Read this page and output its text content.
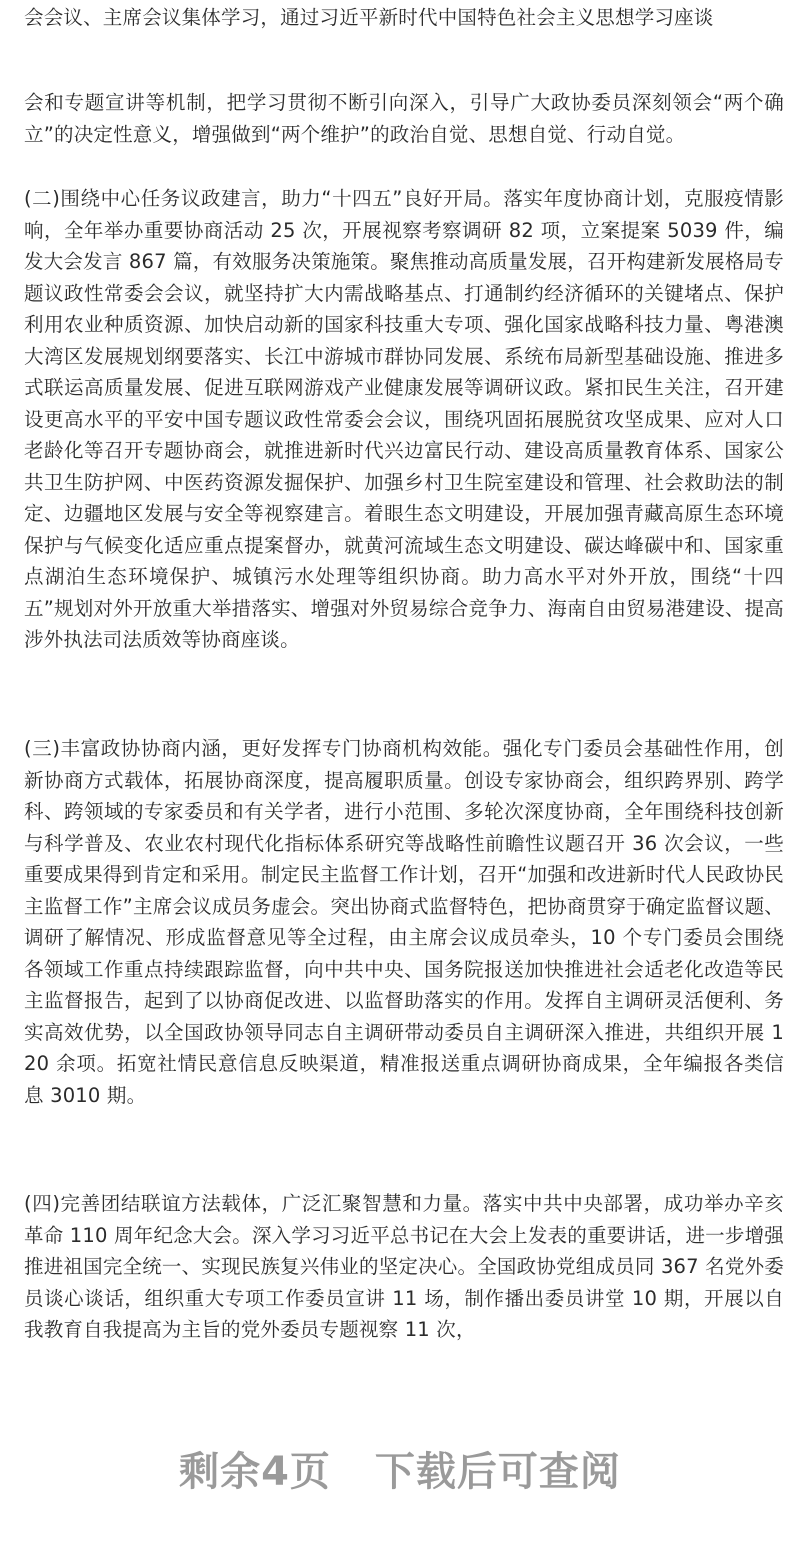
会会议、主席会议集体学习，通过习近平新时代中国特色社会主义思想学习座谈

会和专题宣讲等机制，把学习贯彻不断引向深入，引导广大政协委员深刻领会“两个确立”的决定性意义，增强做到“两个维护”的政治自觉、思想自觉、行动自觉。

(二)围绕中心任务议政建言，助力“十四五”良好开局。落实年度协商计划，克服疫情影响，全年举办重要协商活动 25 次，开展视察考察调研 82 项，立案提案 5039 件，编发大会发言 867 篇，有效服务决策施策。聚焦推动高质量发展，召开构建新发展格局专题议政性常委会会议，就坚持扩大内需战略基点、打通制约经济循环的关键堵点、保护利用农业种质资源、加快启动新的国家科技重大专项、强化国家战略科技力量、粤港澳大湾区发展规划纲要落实、长江中游城市群协同发展、系统布局新型基础设施、推进多式联运高质量发展、促进互联网游戏产业健康发展等调研议政。紧扣民生关注，召开建设更高水平的平安中国专题议政性常委会会议，围绕巩固拓展脱贫攻坚成果、应对人口老龄化等召开专题协商会，就推进新时代兴边富民行动、建设高质量教育体系、国家公共卫生防护网、中医药资源发掘保护、加强乡村卫生院室建设和管理、社会救助法的制定、边疆地区发展与安全等视察建言。着眼生态文明建设，开展加强青藏高原生态环境保护与气候变化适应重点提案督办，就黄河流域生态文明建设、碳达峰碳中和、国家重点湖泊生态环境保护、城镇污水处理等组织协商。助力高水平对外开放，围绕“十四五”规划对外开放重大举措落实、增强对外贸易综合竞争力、海南自由贸易港建设、提高涉外执法司法质效等协商座谈。

(三)丰富政协协商内涵，更好发挥专门协商机构效能。强化专门委员会基础性作用，创新协商方式载体，拓展协商深度，提高履职质量。创设专家协商会，组织跨界别、跨学科、跨领域的专家委员和有关学者，进行小范围、多轮次深度协商，全年围绕科技创新与科学普及、农业农村现代化指标体系研究等战略性前瞻性议题召开 36 次会议，一些重要成果得到肯定和采用。制定民主监督工作计划，召开“加强和改进新时代人民政协民主监督工作”主席会议成员务虚会。突出协商式监督特色，把协商贯穿于确定监督议题、调研了解情况、形成监督意见等全过程，由主席会议成员牵头，10 个专门委员会围绕各领域工作重点持续跟踪监督，向中共中央、国务院报送加快推进社会适老化改造等民主监督报告，起到了以协商促改进、以监督助落实的作用。发挥自主调研灵活便利、务实高效优势，以全国政协领导同志自主调研带动委员自主调研深入推进，共组织开展 120 余项。拓宽社情民意信息反映渠道，精准报送重点调研协商成果，全年编报各类信息 3010 期。

(四)完善团结联谊方法载体，广泛汇聚智慧和力量。落实中共中央部署，成功举办辛亥革命 110 周年纪念大会。深入学习习近平总书记在大会上发表的重要讲话，进一步增强推进祖国完全统一、实现民族复兴伟业的坚定决心。全国政协党组成员同 367 名党外委员谈心谈话，组织重大专项工作委员宣讲 11 场，制作播出委员讲堂 10 期，开展以自我教育自我提高为主旨的党外委员专题视察 11 次，

剩余4页 下载后可查阅
